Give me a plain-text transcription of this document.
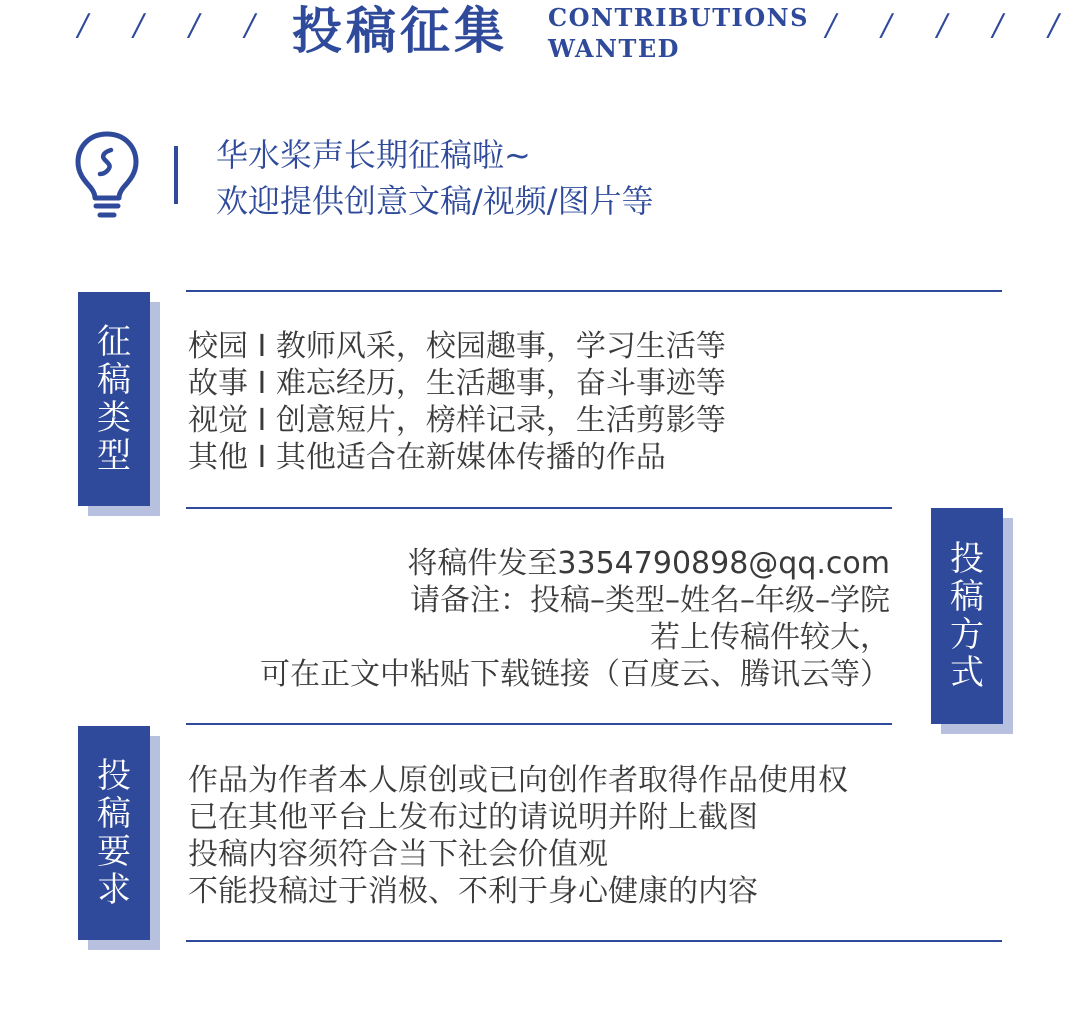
/ / / / /
投稿征集 CONTRIBUTIONS
WANTED
/ / / / /
华水桨声长期征稿啦~
欢迎提供创意文稿/视频/图片等
征稿类型
校园 I 教师风采，校园趣事，学习生活等
故事 I 难忘经历，生活趣事，奋斗事迹等
视觉 I 创意短片，榜样记录，生活剪影等
其他 I 其他适合在新媒体传播的作品
将稿件发至3354790898@qq.com
请备注：投稿–类型–姓名–年级–学院
若上传稿件较大，
可在正文中粘贴下载链接（百度云、腾讯云等）
投稿方式
投稿要求
作品为作者本人原创或已向创作者取得作品使用权
已在其他平台上发布过的请说明并附上截图
投稿内容须符合当下社会价值观
不能投稿过于消极、不利于身心健康的内容
